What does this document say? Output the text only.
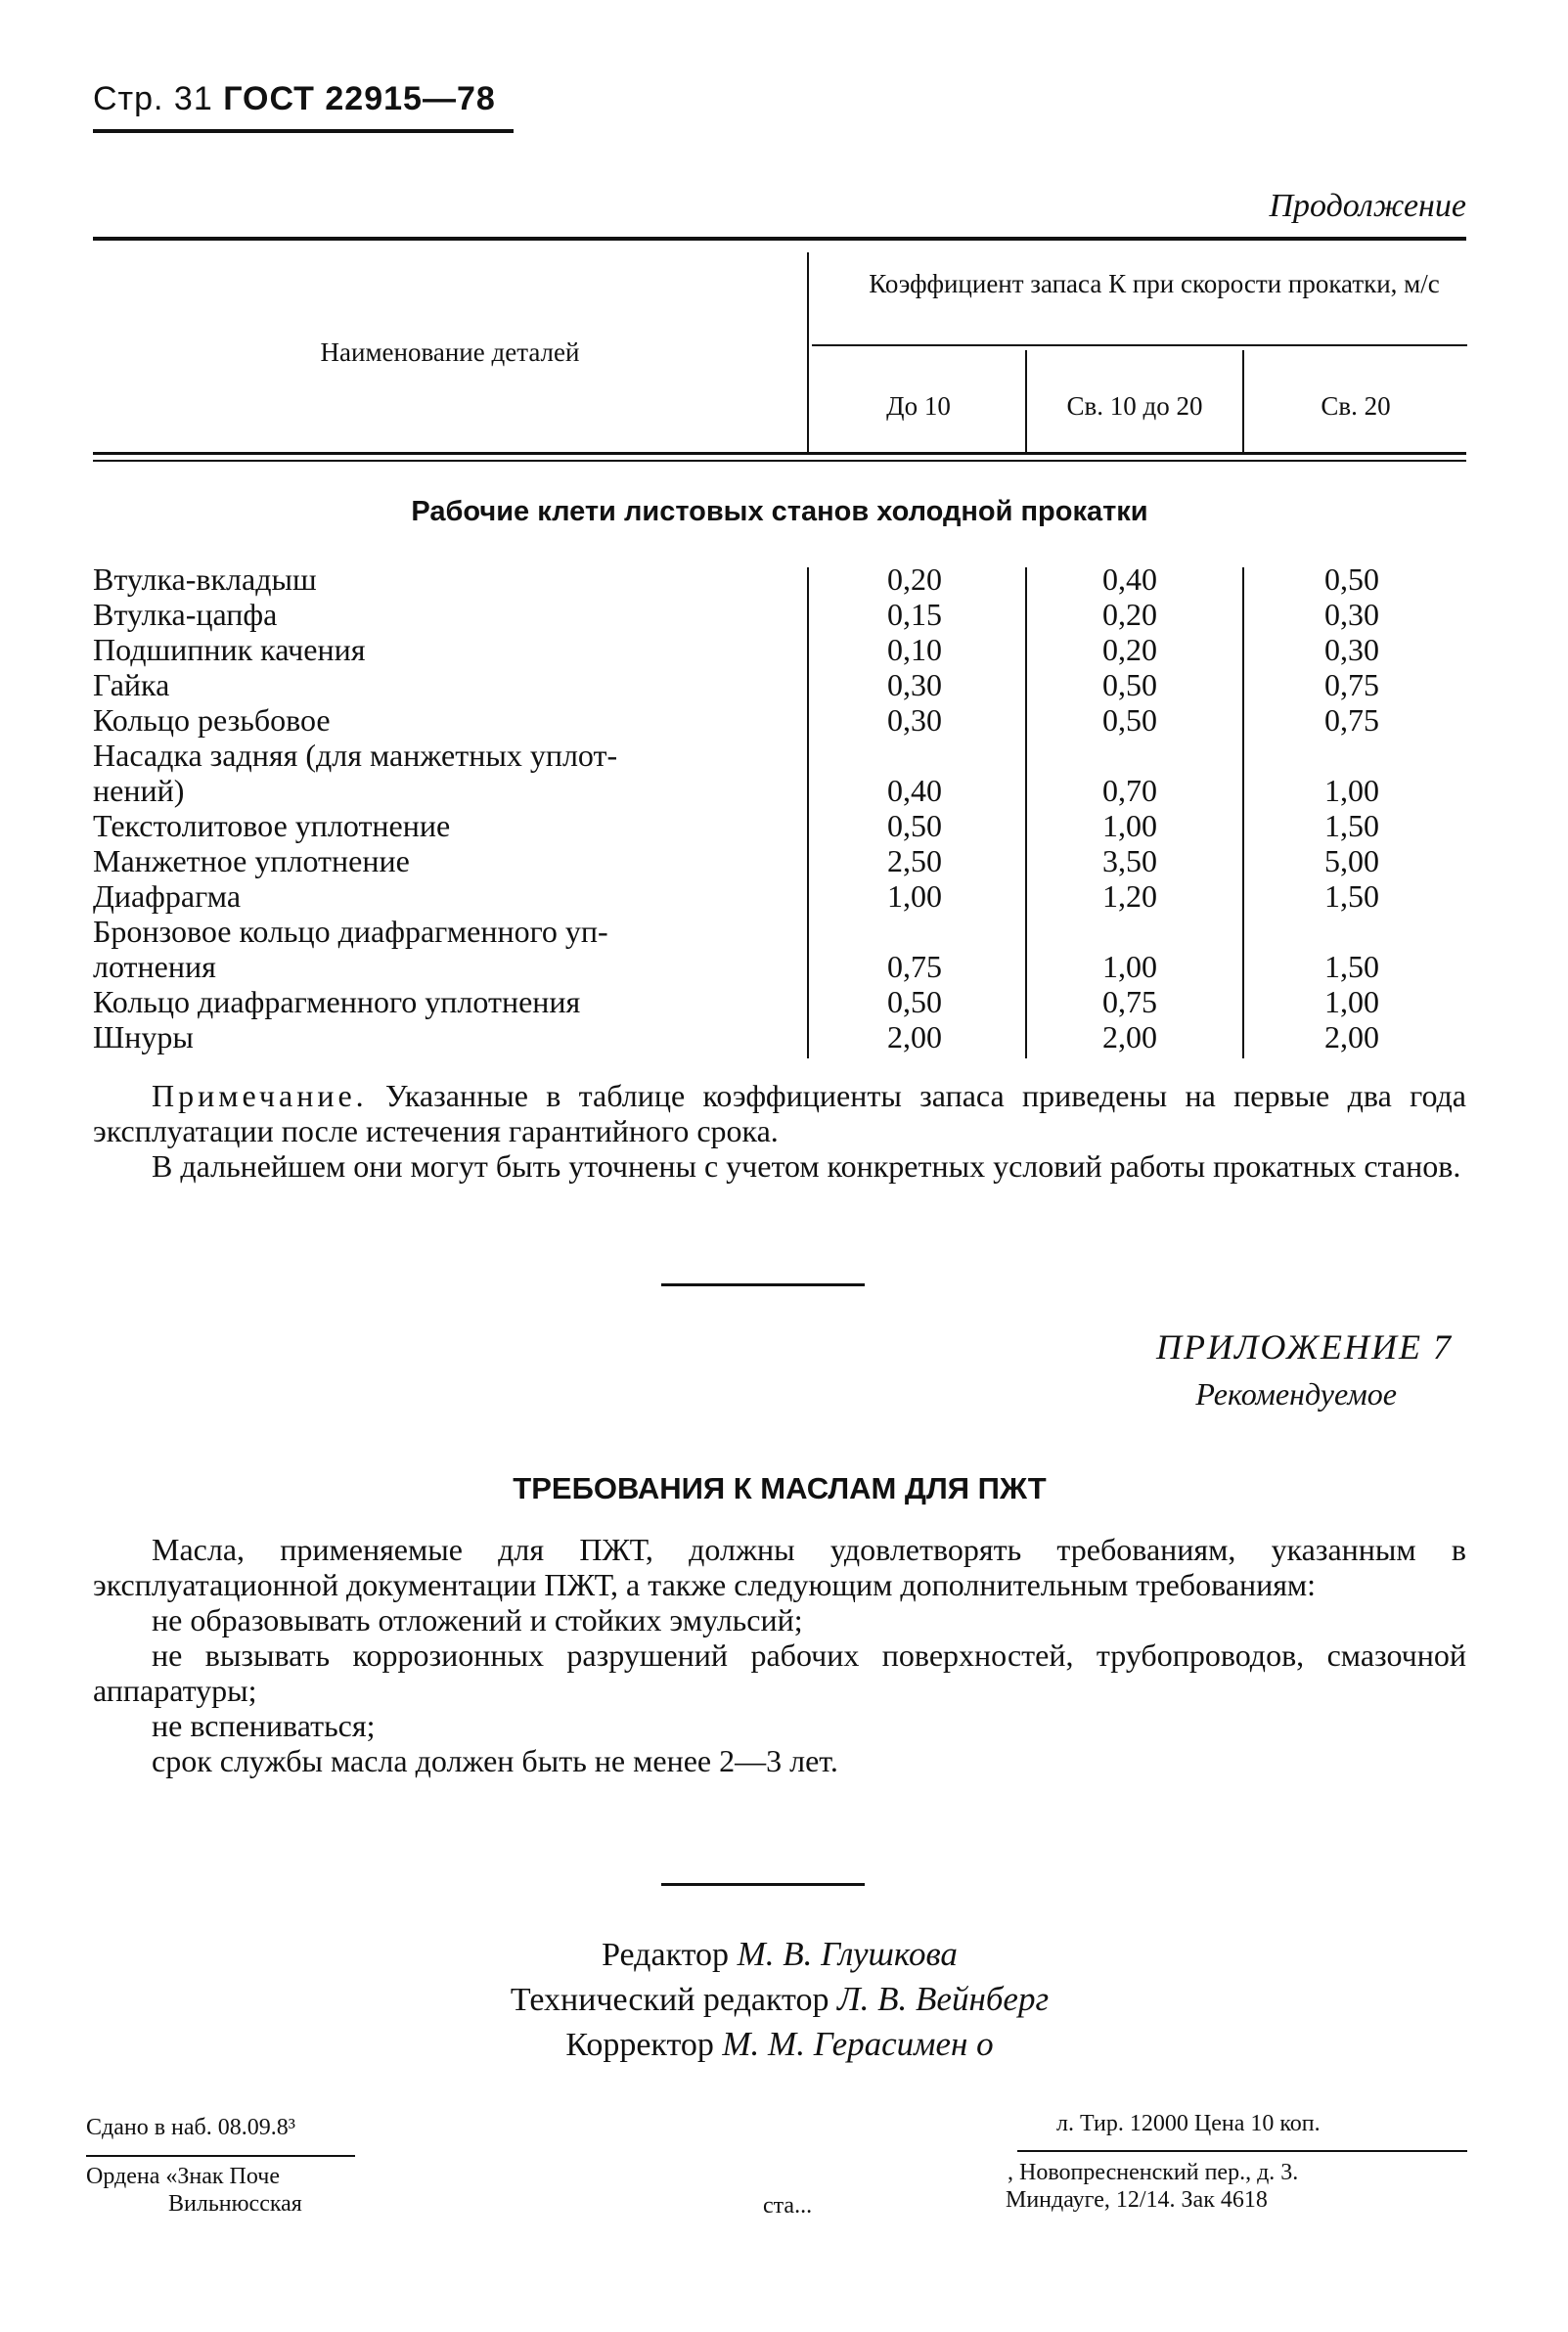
Стр. 31 ГОСТ 22915—78
Продолжение
Наименование деталей
Коэффициент запаса К при скорости прокатки, м/с
До 10	Св. 10 до 20	Св. 20
Рабочие клети листовых станов холодной прокатки
Втулка-вкладыш	0,20	0,40	0,50
Втулка-цапфа	0,15	0,20	0,30
Подшипник качения	0,10	0,20	0,30
Гайка	0,30	0,50	0,75
Кольцо резьбовое	0,30	0,50	0,75
Насадка задняя (для манжетных уплот-
нений)	0,40	0,70	1,00
Текстолитовое уплотнение	0,50	1,00	1,50
Манжетное уплотнение	2,50	3,50	5,00
Диафрагма	1,00	1,20	1,50
Бронзовое кольцо диафрагменного уп-
лотнения	0,75	1,00	1,50
Кольцо диафрагменного уплотнения	0,50	0,75	1,00
Шнуры	2,00	2,00	2,00

Примечание. Указанные в таблице коэффициенты запаса приведены на первые два года эксплуатации после истечения гарантийного срока.

В дальнейшем они могут быть уточнены с учетом конкретных условий работы прокатных станов.

ПРИЛОЖЕНИЕ 7
Рекомендуемое
ТРЕБОВАНИЯ К МАСЛАМ ДЛЯ ПЖТ

Масла, применяемые для ПЖТ, должны удовлетворять требованиям, указанным в эксплуатационной документации ПЖТ, а также следующим дополнительным требованиям:

не образовывать отложений и стойких эмульсий;

не вызывать коррозионных разрушений рабочих поверхностей, трубопроводов, смазочной аппаратуры;

не вспениваться;

срок службы масла должен быть не менее 2—3 лет.

Редактор М. В. Глушкова
Технический редактор Л. В. Вейнберг
Корректор М. М. Герасимен о
Сдано в наб. 08.09.8³	л. Тир. 12000 Цена 10 коп.
Ордена «Знак Поче
Вильнюсская	ста...
, Новопресненский пер., д. 3.
Миндауге, 12/14. Зак 4618
